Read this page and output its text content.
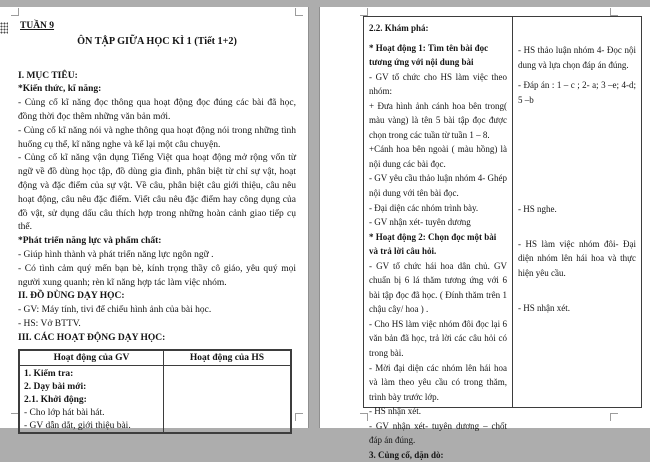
TUẦN 9
ÔN TẬP GIỮA HỌC KÌ 1 (Tiết 1+2)
I. MỤC TIÊU:
*Kiến thức, kĩ năng:

- Củng cố kĩ năng đọc thông qua hoạt động đọc đúng các bài đã học, đồng thời đọc thêm những văn bản mới.

- Củng cố kĩ năng nói và nghe thông qua hoạt động nói trong những tình huống cụ thể, kĩ năng nghe và kể lại một câu chuyện.

- Củng cố kĩ năng vận dụng Tiếng Việt qua hoạt động mở rộng vốn từ ngữ về đồ dùng học tập, đồ dùng gia đình, phân biệt từ chỉ sự vật, hoạt động và đặc điểm của sự vật. Về câu, phân biệt câu giới thiệu, câu nêu hoạt động, câu nêu đặc điểm. Viết câu nêu đặc điểm hay công dụng của đồ vật, sử dụng dấu câu thích hợp trong những hoàn cảnh giao tiếp cụ thể.

*Phát triển năng lực và phẩm chất:

- Giúp hình thành và phát triển năng lực ngôn ngữ .

- Có tình cảm quý mến bạn bè, kính trọng thầy cô giáo, yêu quý mọi người xung quanh; rèn kĩ năng hợp tác làm việc nhóm.

II. ĐỒ DÙNG DẠY HỌC:

- GV: Máy tính, tivi để chiếu hình ảnh của bài học.

- HS: Vở BTTV.

III. CÁC HOẠT ĐỘNG DẠY HỌC:
Hoạt động của GV	Hoạt động của HS

1. Kiểm tra:

2. Dạy bài mới:

2.1. Khởi động:

- Cho lớp hát bài hát.

- GV dẫn dắt, giới thiệu bài.

2.2. Khám phá:

* Hoạt động 1: Tìm tên bài đọc tương ứng với nội dung bài

- GV tổ chức cho HS làm việc theo nhóm:

+ Đưa hình ảnh cánh hoa bên trong( màu vàng) là tên 5 bài tập đọc được chọn trong các tuần từ tuần 1 – 8.

+Cánh hoa bên ngoài ( màu hồng) là nội dung các bài đọc.

- GV yêu cầu thảo luận nhóm 4- Ghép nội dung với tên bài đọc.

- Đại diện các nhóm trình bày.

- GV nhận xét- tuyên dương

* Hoạt động 2: Chọn đọc một bài và trả lời câu hỏi.

- GV tổ chức hái hoa dân chủ. GV chuẩn bị 6 lá thăm tương ứng với 6 bài tập đọc đã học. ( Đính thăm trên 1 chậu cây/ hoa ) .

- Cho HS làm việc nhóm đôi đọc lại 6 văn bản đã học, trả lời các câu hỏi có trong bài.

- Mời đại diện các nhóm lên hái hoa và làm theo yêu cầu có trong thăm, trình bày trước lớp.

- HS nhận xét.

- GV nhận xét- tuyên dương – chốt đáp án đúng.

3. Củng cố, dặn dò:

- HS thảo luận nhóm 4- Đọc nội dung và lựa chọn đáp án đúng.

- Đáp án : 1 – c ; 2- a; 3 –e; 4-d; 5 –b

- HS nghe.

- HS làm việc nhóm đôi- Đại diện nhóm lên hái hoa và thực hiện yêu cầu.

- HS nhận xét.
